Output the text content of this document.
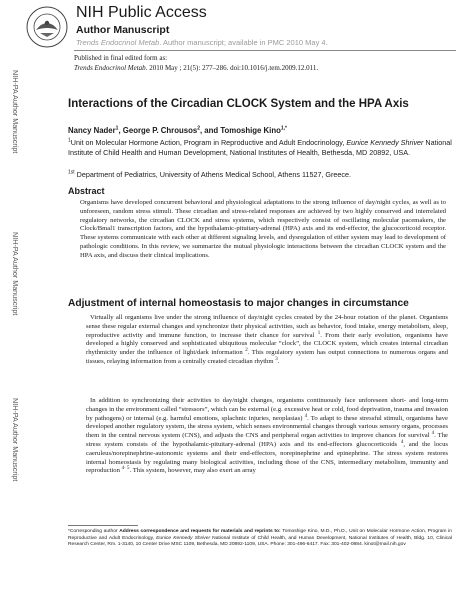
NIH Public Access
Author Manuscript
Trends Endocrinol Metab. Author manuscript; available in PMC 2010 May 4.
Published in final edited form as:
Trends Endocrinol Metab. 2010 May ; 21(5): 277–286. doi:10.1016/j.tem.2009.12.011.
NIH-PA Author Manuscript
NIH-PA Author Manuscript
NIH-PA Author Manuscript
Interactions of the Circadian CLOCK System and the HPA Axis
Nancy Nader$^1$, George P. Chrousos$^2$, and Tomoshige Kino$^{1,*}$
$^1$Unit on Molecular Hormone Action, Program in Reproductive and Adult Endocrinology, Eunice Kennedy Shriver National Institute of Child Health and Human Development, National Institutes of Health, Bethesda, MD 20892, USA.
$^{1st}$ Department of Pediatrics, University of Athens Medical School, Athens 11527, Greece.
Abstract
Organisms have developed concurrent behavioral and physiological adaptations to the strong influence of day/night cycles, as well as to unforeseen, random stress stimuli. These circadian and stress-related responses are achieved by two highly conserved and interrelated regulatory networks, the circadian CLOCK and stress systems, which respectively consist of oscillating molecular pacemakers, the Clock/Bmal1 transcription factors, and the hypothalamic-pituitary-adrenal (HPA) axis and its end-effector, the glucocorticoid receptor. These systems communicate with each other at different signaling levels, and dysregulation of either system may lead to development of pathologic conditions. In this review, we summarize the mutual physiologic interactions between the circadian CLOCK system and the HPA axis, and discuss their clinical implications.
Adjustment of internal homeostasis to major changes in circumstance
Virtually all organisms live under the strong influence of day/night cycles created by the 24-hour rotation of the planet. Organisms sense these regular external changes and synchronize their physical activities, such as behavior, food intake, energy metabolism, sleep, reproductive activity and immune function, to increase their chance for survival $^1$. From their early evolution, organisms have developed a highly conserved and sophisticated ubiquitous molecular “clock”, the CLOCK system, which creates internal circadian rhythmicity under the influence of light/dark information $^2$. This regulatory system has output connections to numerous organs and tissues, relaying information from a centrally created circadian rhythm $^3$.
In addition to synchronizing their activities to day/night changes, organisms continuously face unforeseen short- and long-term changes in the environment called “stressors”, which can be external (e.g. excessive heat or cold, food deprivation, trauma and invasion by pathogens) or internal (e.g. harmful emotions, splachnic injuries, neoplasias) $^4$. To adapt to these stressful stimuli, organisms have developed another regulatory system, the stress system, which senses environmental changes through various sensory organs, processes them in the central nervous system (CNS), and adjusts the CNS and peripheral organ activities to improve chances for survival $^4$. The stress system consists of the hypothalamic-pituitary-adrenal (HPA) axis and its end-effectors glucocorticoids $^4$, and the locus caeruleus/norepinephrine-autonomic systems and their end-effectors, norepinephrine and epinephrine. The stress system restores internal homeostasis by regulating many biological activities, including those of the CNS, intermediary metabolism, immunity and reproduction $^{4\cdot 5}$. This system, however, may also exert an array
*Corresponding author Address correspondence and requests for materials and reprints to: Tomoshige Kino, M.D., Ph.D., Unit on Molecular Hormone Action, Program in Reproductive and Adult Endocrinology, Eunice Kennedy Shriver National Institute of Child Health, and Human Development, National Institutes of Health, Bldg. 10, Clinical Research Center, Rm. 1-3140, 10 Center Drive MSC 1109, Bethesda, MD 20892-1109, USA. Phone: 301-496-6417. Fax: 301-402-0884. kinot@mail.nih.gov
